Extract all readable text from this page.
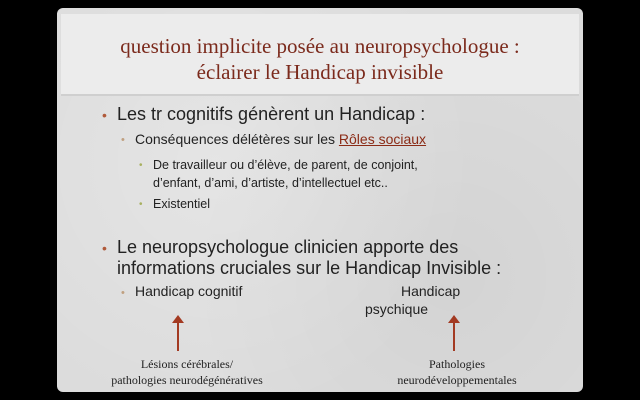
question implicite posée au neuropsychologue :

éclairer le Handicap invisible

• Les tr cognitifs génèrent un Handicap :
• Conséquences délétères sur les Rôles sociaux
• De travailleur ou d’élève, de parent, de conjoint,
d’enfant, d’ami, d’artiste, d’intellectuel etc..
• Existentiel
• Le neuropsychologue clinicien apporte des
informations cruciales sur le Handicap Invisible :
• Handicap cognitif	Handicap
psychique
Lésions cérébrales/
pathologies neurodégénératives
Pathologies
neurodéveloppementales
